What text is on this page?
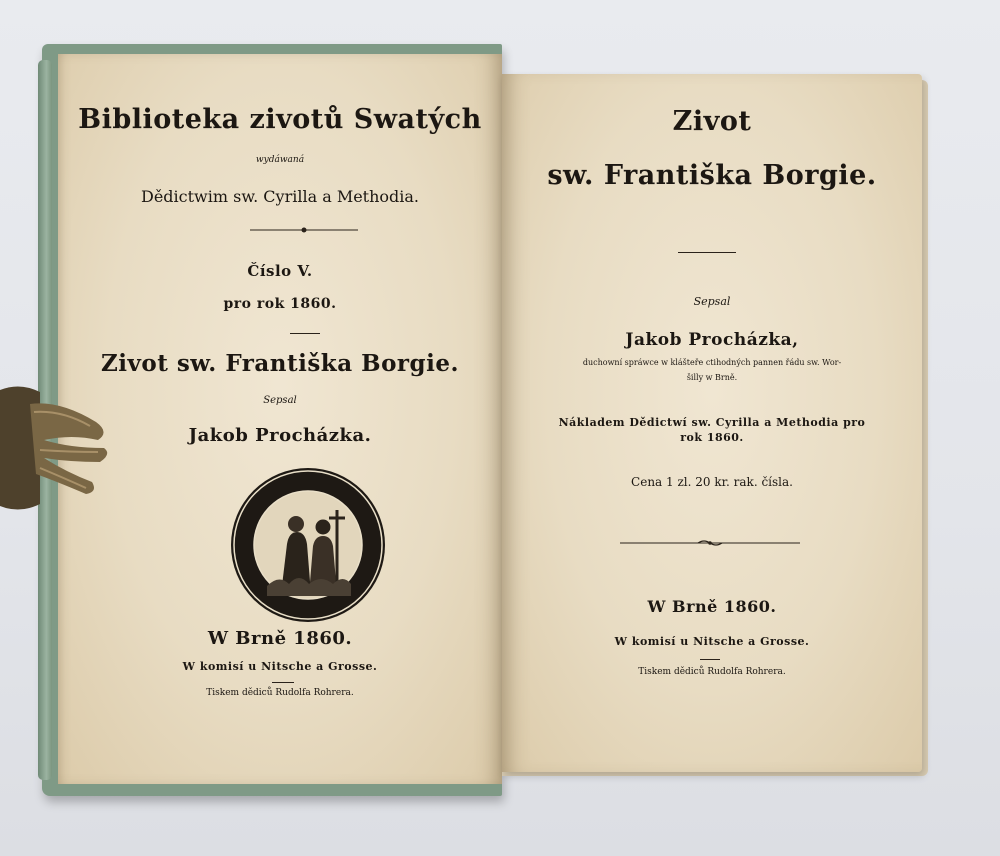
Biblioteka zivotů Swatých
wydáwaná
Dědictwim sw. Cyrilla a Methodia.
Číslo V.
pro rok 1860.
Zivot sw. Františka Borgie.
Sepsal
Jakob Procházka.
W Brně 1860.
W komisí u Nitsche a Grosse.
Tiskem dědiců Rudolfa Rohrera.
Zivot
sw. Františka Borgie.
Sepsal
Jakob Procházka,
duchowní spráwce w klášteře ctihodných pannen řádu sw. Wor-
šilly w Brně.
Nákladem Dědictwí sw. Cyrilla a Methodia pro
rok 1860.
Cena 1 zl. 20 kr. rak. čísla.
W Brně 1860.
W komisí u Nitsche a Grosse.
Tiskem dědiců Rudolfa Rohrera.
